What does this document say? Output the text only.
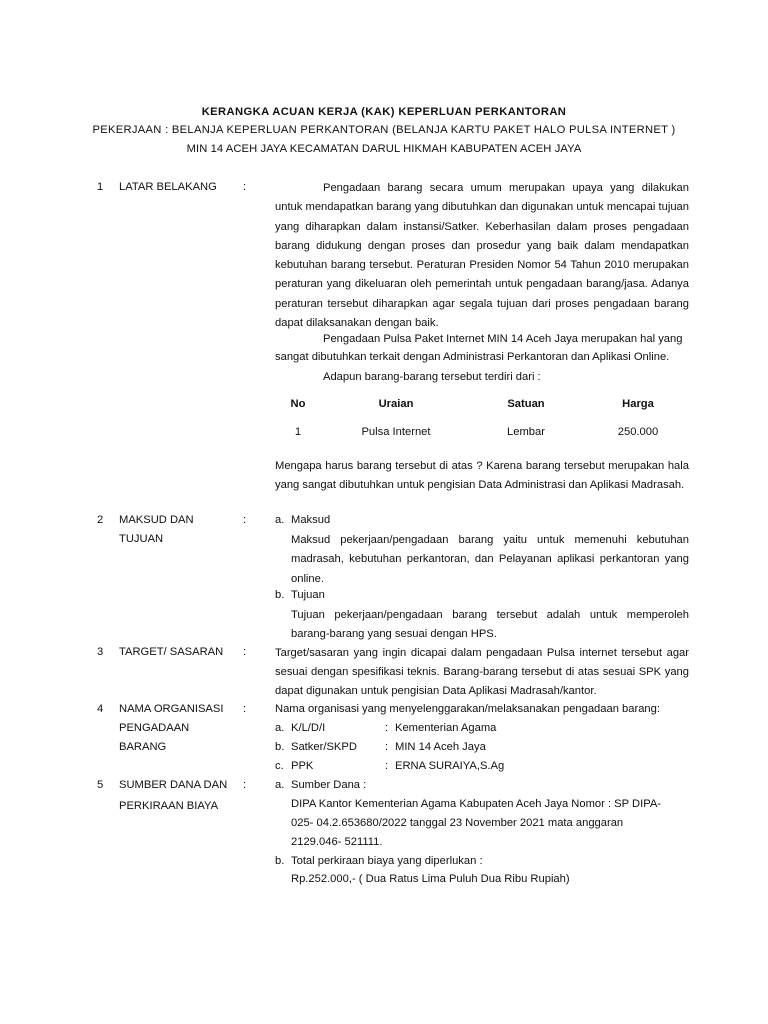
KERANGKA ACUAN KERJA (KAK) KEPERLUAN PERKANTORAN
PEKERJAAN : BELANJA KEPERLUAN PERKANTORAN (BELANJA KARTU PAKET HALO PULSA INTERNET )
MIN 14 ACEH JAYA KECAMATAN DARUL HIKMAH KABUPATEN ACEH JAYA
1 LATAR BELAKANG :	Pengadaan barang secara umum merupakan upaya yang dilakukan untuk mendapatkan barang yang dibutuhkan dan digunakan untuk mencapai tujuan yang diharapkan dalam instansi/Satker. Keberhasilan dalam proses pengadaan barang didukung dengan proses dan prosedur yang baik dalam mendapatkan kebutuhan barang tersebut. Peraturan Presiden Nomor 54 Tahun 2010 merupakan peraturan yang dikeluaran oleh pemerintah untuk pengadaan barang/jasa. Adanya peraturan tersebut diharapkan agar segala tujuan dari proses pengadaan barang dapat dilaksanakan dengan baik.
Pengadaan Pulsa Paket Internet MIN 14 Aceh Jaya merupakan hal yang
sangat dibutuhkan terkait dengan Administrasi Perkantoran dan Aplikasi Online.
Adapun barang-barang tersebut terdiri dari :
No	Uraian	Satuan	Harga
1	Pulsa Internet	Lembar	250.000
Mengapa harus barang tersebut di atas ? Karena barang tersebut merupakan hala yang sangat dibutuhkan untuk pengisian Data Administrasi dan Aplikasi Madrasah.
2 MAKSUD DAN
TUJUAN
:	a. Maksud
Maksud pekerjaan/pengadaan barang yaitu untuk memenuhi kebutuhan madrasah, kebutuhan perkantoran, dan Pelayanan aplikasi perkantoran yang online.
b. Tujuan
Tujuan pekerjaan/pengadaan barang tersebut adalah untuk memperoleh barang-barang yang sesuai dengan HPS.
3 TARGET/ SASARAN :	Target/sasaran yang ingin dicapai dalam pengadaan Pulsa internet tersebut agar sesuai dengan spesifikasi teknis. Barang-barang tersebut di atas sesuai SPK yang dapat digunakan untuk pengisian Data Aplikasi Madrasah/kantor.
4 NAMA ORGANISASI
PENGADAAN
BARANG
:	Nama organisasi yang menyelenggarakan/melaksanakan pengadaan barang:
a. K/L/D/I	: Kementerian Agama
b. Satker/SKPD	: MIN 14 Aceh Jaya
c. PPK	: ERNA SURAIYA,S.Ag
5 SUMBER DANA DAN
PERKIRAAN BIAYA
:	a. Sumber Dana :
DIPA Kantor Kementerian Agama Kabupaten Aceh Jaya Nomor : SP DIPA-
025- 04.2.653680/2022 tanggal 23 November 2021 mata anggaran
2129.046- 521111.
b. Total perkiraan biaya yang diperlukan :
Rp.252.000,- ( Dua Ratus Lima Puluh Dua Ribu Rupiah)
